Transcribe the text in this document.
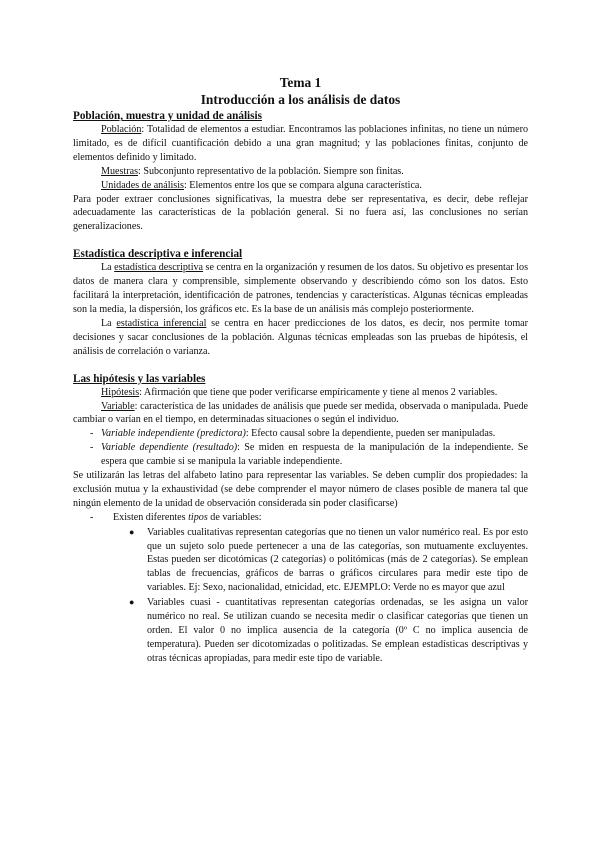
Tema 1
Introducción a los análisis de datos
Población, muestra y unidad de análisis

Población: Totalidad de elementos a estudiar. Encontramos las poblaciones infinitas, no tiene un número limitado, es de difícil cuantificación debido a una gran magnitud; y las poblaciones finitas, conjunto de elementos definido y limitado.

Muestras: Subconjunto representativo de la población. Siempre son finitas.

Unidades de análisis: Elementos entre los que se compara alguna característica.

Para poder extraer conclusiones significativas, la muestra debe ser representativa, es decir, debe reflejar adecuadamente las características de la población general. Si no fuera así, las conclusiones no serían generalizaciones.

Estadística descriptiva e inferencial

La estadística descriptiva se centra en la organización y resumen de los datos. Su objetivo es presentar los datos de manera clara y comprensible, simplemente observando y describiendo cómo son los datos. Esto facilitará la interpretación, identificación de patrones, tendencias y características. Algunas técnicas empleadas son la media, la dispersión, los gráficos etc. Es la base de un análisis más complejo posteriormente.

La estadística inferencial se centra en hacer predicciones de los datos, es decir, nos permite tomar decisiones y sacar conclusiones de la población. Algunas técnicas empleadas son las pruebas de hipótesis, el análisis de correlación o varianza.

Las hipótesis y las variables

Hipótesis: Afirmación que tiene que poder verificarse empíricamente y tiene al menos 2 variables.

Variable: característica de las unidades de análisis que puede ser medida, observada o manipulada. Puede cambiar o varían en el tiempo, en determinadas situaciones o según el individuo.

- Variable independiente (predictora): Efecto causal sobre la dependiente, pueden ser manipuladas.
- Variable dependiente (resultado): Se miden en respuesta de la manipulación de la independiente. Se espera que cambie si se manipula la variable independiente.

Se utilizarán las letras del alfabeto latino para representar las variables. Se deben cumplir dos propiedades: la exclusión mutua y la exhaustividad (se debe comprender el mayor número de clases posible de manera tal que ningún elemento de la unidad de observación considerada sin poder clasificarse)

- Existen diferentes tipos de variables:
● Variables cualitativas representan categorías que no tienen un valor numérico real. Es por esto que un sujeto solo puede pertenecer a una de las categorías, son mutuamente excluyentes. Estas pueden ser dicotómicas (2 categorías) o politómicas (más de 2 categorías). Se emplean tablas de frecuencias, gráficos de barras o gráficos circulares para medir este tipo de variables. Ej: Sexo, nacionalidad, etnicidad, etc. EJEMPLO: Verde no es mayor que azul
● Variables cuasi - cuantitativas representan categorías ordenadas, se les asigna un valor numérico no real. Se utilizan cuando se necesita medir o clasificar categorías que tienen un orden. El valor 0 no implica ausencia de la categoría (0º C no implica ausencia de temperatura). Pueden ser dicotomizadas o politizadas. Se emplean estadísticas descriptivas y otras técnicas apropiadas, para medir este tipo de variable.
